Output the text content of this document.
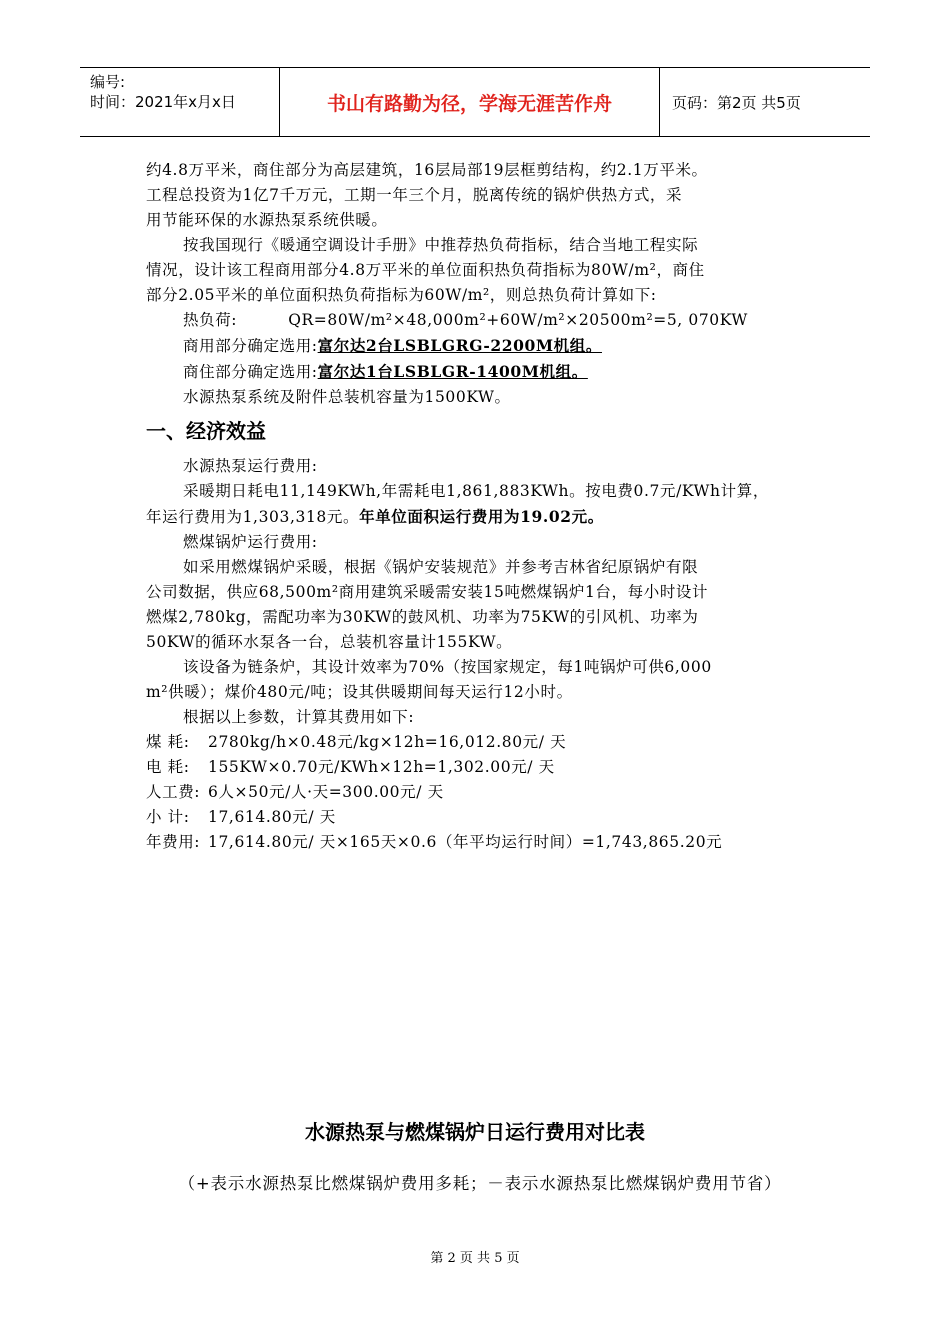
编号:
时间：2021年x月x日	书山有路勤为径，学海无涯苦作舟	页码：第2页 共5页
约4.8万平米，商住部分为高层建筑，16层局部19层框剪结构，约2.1万平米。
工程总投资为1亿7千万元，工期一年三个月，脱离传统的锅炉供热方式，采
用节能环保的水源热泵系统供暖。
按我国现行《暖通空调设计手册》中推荐热负荷指标，结合当地工程实际
情况，设计该工程商用部分4.8万平米的单位面积热负荷指标为80W/m²，商住
部分2.05平米的单位面积热负荷指标为60W/m²，则总热负荷计算如下:
热负荷:	QR=80W/m²×48,000m²+60W/m²×20500m²=5, 070KW
商用部分确定选用:富尔达2台LSBLGRG-2200M机组。
商住部分确定选用:富尔达1台LSBLGR-1400M机组。
水源热泵系统及附件总装机容量为1500KW。
一、经济效益
水源热泵运行费用:
采暖期日耗电11,149KWh,年需耗电1,861,883KWh。按电费0.7元/KWh计算，
年运行费用为1,303,318元。年单位面积运行费用为19.02元。
燃煤锅炉运行费用:
如采用燃煤锅炉采暖，根据《锅炉安装规范》并参考吉林省纪原锅炉有限
公司数据，供应68,500m²商用建筑采暖需安装15吨燃煤锅炉1台，每小时设计
燃煤2,780kg，需配功率为30KW的鼓风机、功率为75KW的引风机、功率为
50KW的循环水泵各一台，总装机容量计155KW。
该设备为链条炉，其设计效率为70%（按国家规定，每1吨锅炉可供6,000
m²供暖）；煤价480元/吨；设其供暖期间每天运行12小时。
根据以上参数，计算其费用如下:
煤 耗:	2780kg/h×0.48元/kg×12h=16,012.80元/ 天
电 耗:	155KW×0.70元/KWh×12h=1,302.00元/ 天
人工费: 6人×50元/人·天=300.00元/ 天
小 计:	17,614.80元/ 天
年费用: 17,614.80元/ 天×165天×0.6（年平均运行时间）=1,743,865.20元
水源热泵与燃煤锅炉日运行费用对比表
（+表示水源热泵比燃煤锅炉费用多耗；－表示水源热泵比燃煤锅炉费用节省）
第 2 页 共 5 页
